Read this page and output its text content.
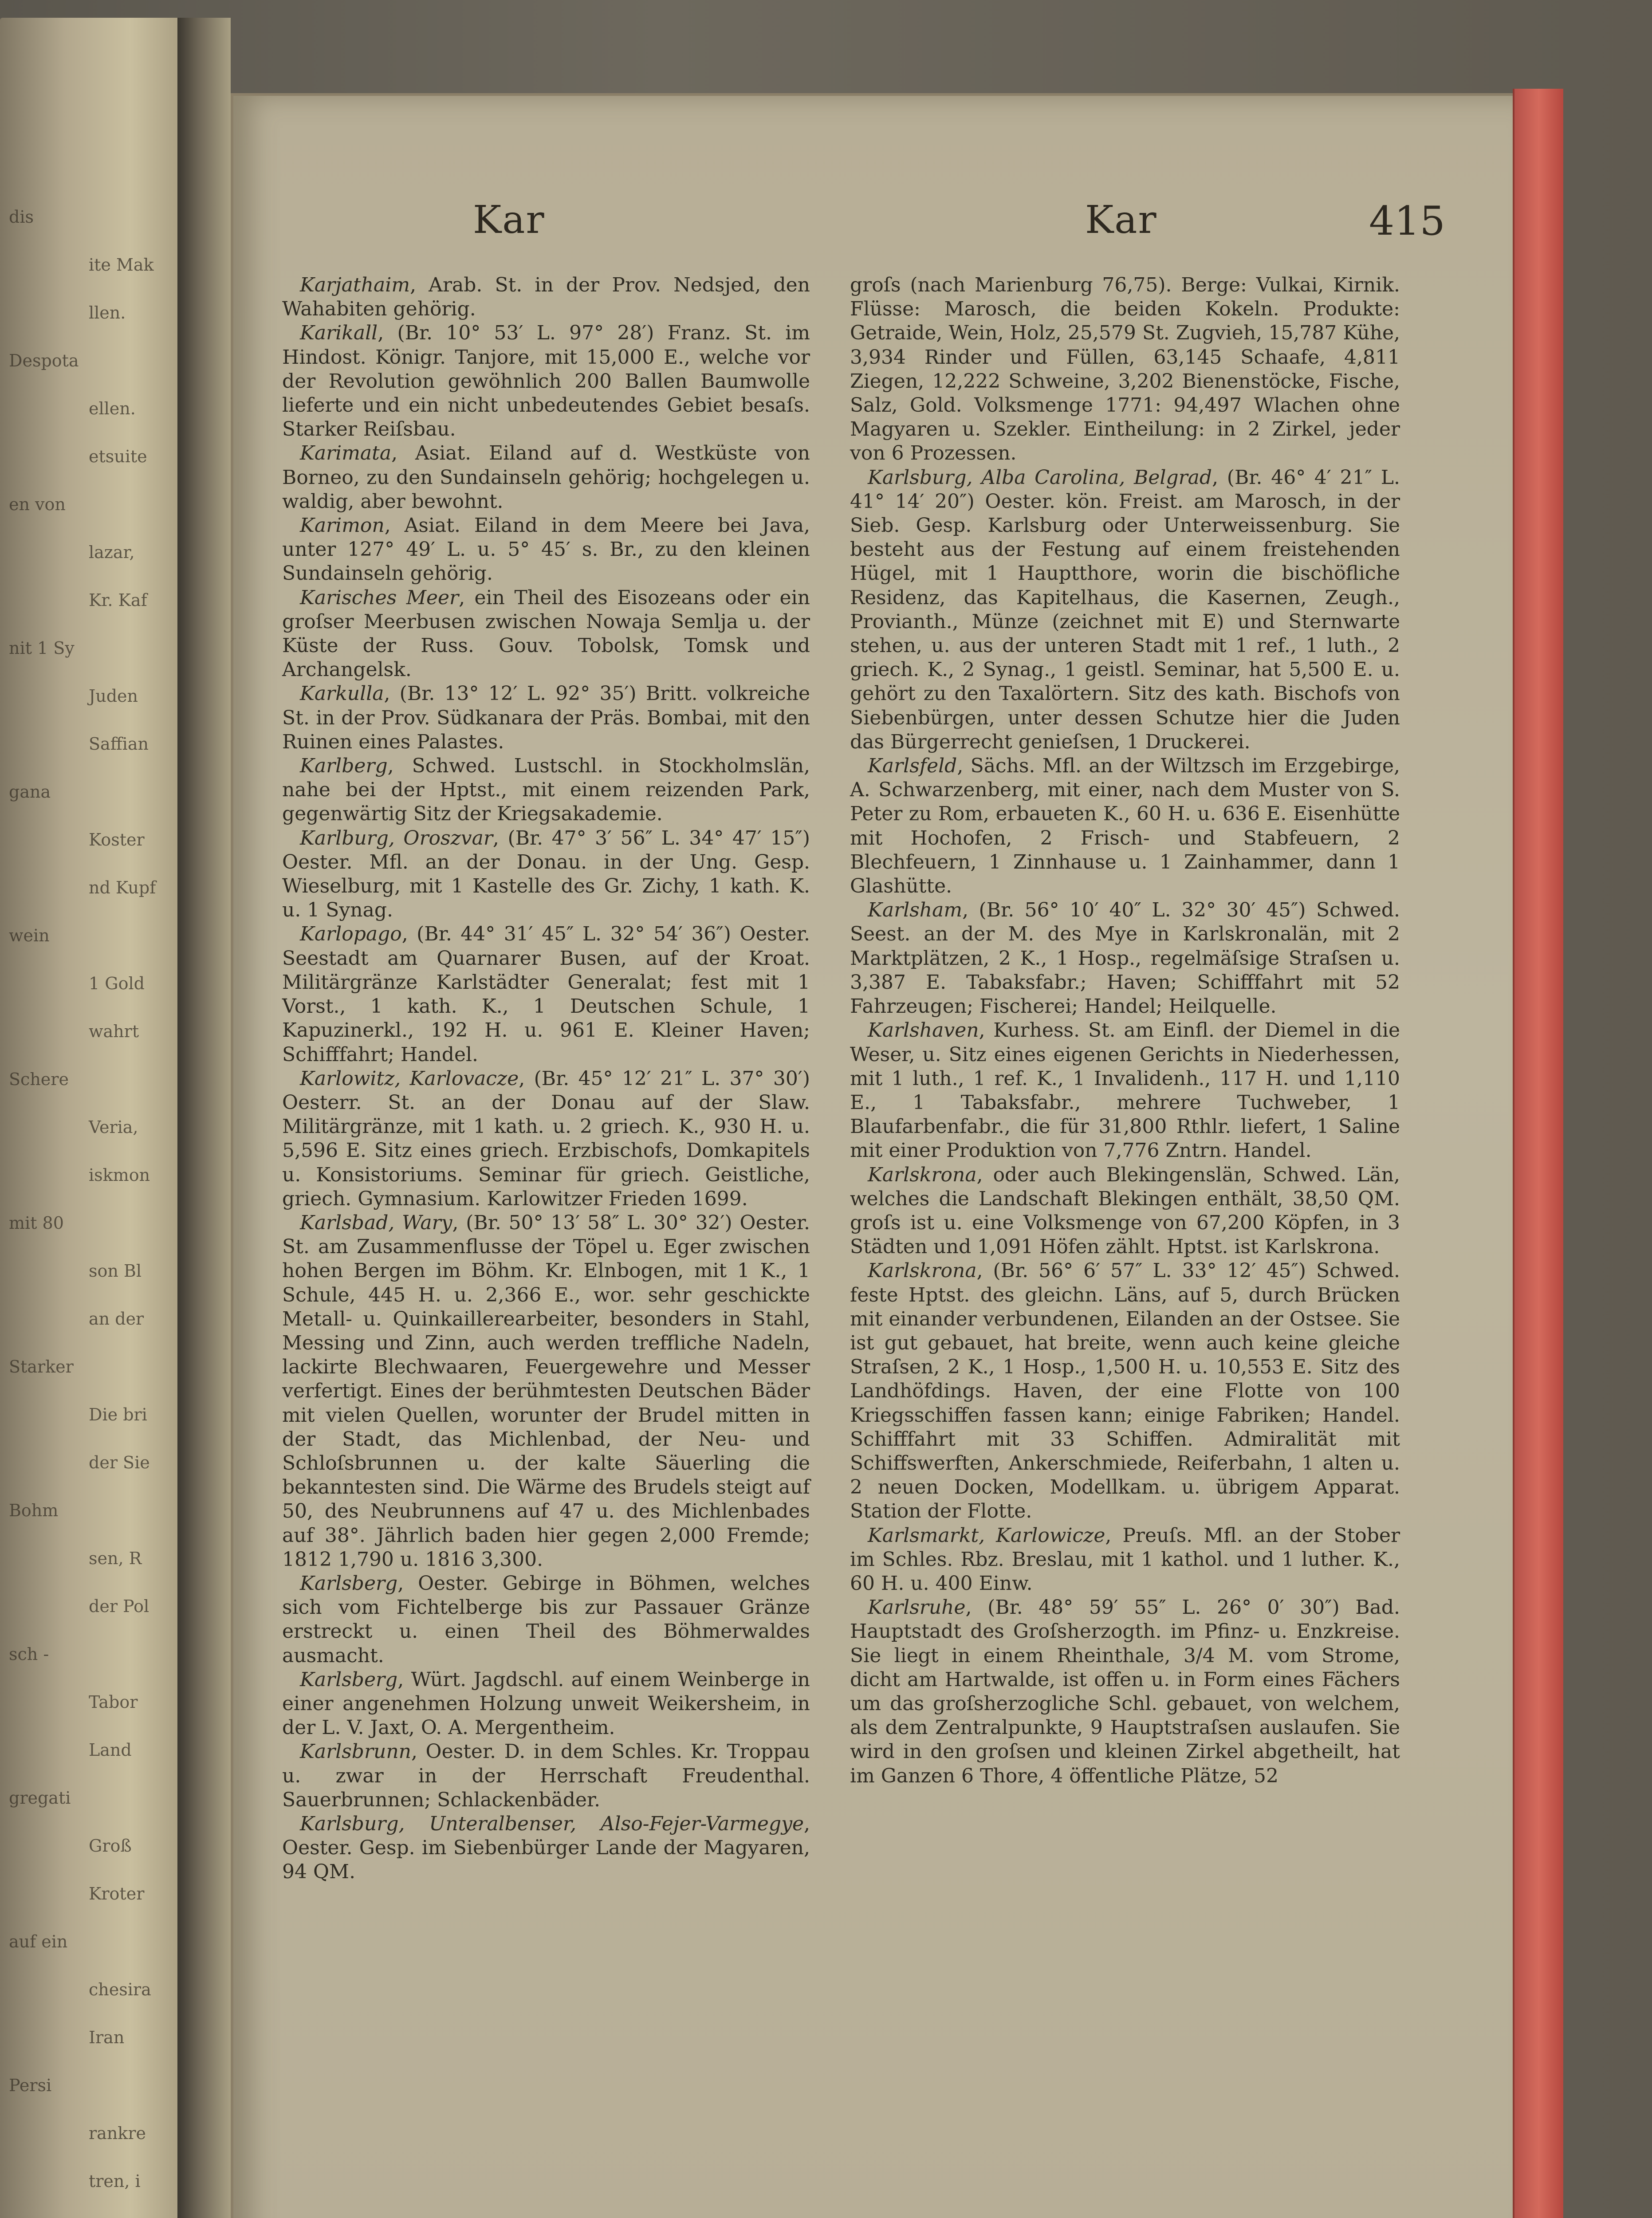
dis
ite Mak
llen.
Despota
ellen.
etsuite
en von
lazar,
Kr. Kaf
nit 1 Sy
Juden
Saffian
gana
Koster
nd Kupf
wein
1 Gold
wahrt
Schere
Veria,
iskmon
mit 80
son Bl
an der
Starker
Die bri
der Sie
Bohm
sen, R
der Pol
sch -
Tabor
Land
gregati
Groß
Kroter
auf ein
chesira
Iran
Persi
rankre
tren, i
Kar	Kar	415

Karjathaim, Arab. St. in der Prov. Nedsjed, den Wahabiten gehörig.

Karikall, (Br. 10° 53′ L. 97° 28′) Franz. St. im Hindost. Königr. Tanjore, mit 15,000 E., welche vor der Revolution gewöhnlich 200 Ballen Baumwolle lieferte und ein nicht unbedeutendes Gebiet besaſs. Starker Reiſsbau.

Karimata, Asiat. Eiland auf d. Westküste von Borneo, zu den Sundainseln gehörig; hochgelegen u. waldig, aber bewohnt.

Karimon, Asiat. Eiland in dem Meere bei Java, unter 127° 49′ L. u. 5° 45′ s. Br., zu den kleinen Sundainseln gehörig.

Karisches Meer, ein Theil des Eisozeans oder ein groſser Meerbusen zwischen Nowaja Semlja u. der Küste der Russ. Gouv. Tobolsk, Tomsk und Archangelsk.

Karkulla, (Br. 13° 12′ L. 92° 35′) Britt. volkreiche St. in der Prov. Südkanara der Präs. Bombai, mit den Ruinen eines Palastes.

Karlberg, Schwed. Lustschl. in Stockholmslän, nahe bei der Hptst., mit einem reizenden Park, gegenwärtig Sitz der Kriegsakademie.

Karlburg, Oroszvar, (Br. 47° 3′ 56″ L. 34° 47′ 15″) Oester. Mfl. an der Donau. in der Ung. Gesp. Wieselburg, mit 1 Kastelle des Gr. Zichy, 1 kath. K. u. 1 Synag.

Karlopago, (Br. 44° 31′ 45″ L. 32° 54′ 36″) Oester. Seestadt am Quarnarer Busen, auf der Kroat. Militärgränze Karlstädter Generalat; fest mit 1 Vorst., 1 kath. K., 1 Deutschen Schule, 1 Kapuzinerkl., 192 H. u. 961 E. Kleiner Haven; Schifffahrt; Handel.

Karlowitz, Karlovacze, (Br. 45° 12′ 21″ L. 37° 30′) Oesterr. St. an der Donau auf der Slaw. Militärgränze, mit 1 kath. u. 2 griech. K., 930 H. u. 5,596 E. Sitz eines griech. Erzbischofs, Domkapitels u. Konsistoriums. Seminar für griech. Geistliche, griech. Gymnasium. Karlowitzer Frieden 1699.

Karlsbad, Wary, (Br. 50° 13′ 58″ L. 30° 32′) Oester. St. am Zusammenflusse der Töpel u. Eger zwischen hohen Bergen im Böhm. Kr. Elnbogen, mit 1 K., 1 Schule, 445 H. u. 2,366 E., wor. sehr geschickte Metall- u. Quinkaillerearbeiter, besonders in Stahl, Messing und Zinn, auch werden treffliche Nadeln, lackirte Blechwaaren, Feuergewehre und Messer verfertigt. Eines der berühmtesten Deutschen Bäder mit vielen Quellen, worunter der Brudel mitten in der Stadt, das Michlenbad, der Neu- und Schloſsbrunnen u. der kalte Säuerling die bekanntesten sind. Die Wärme des Brudels steigt auf 50, des Neubrunnens auf 47 u. des Michlenbades auf 38°. Jährlich baden hier gegen 2,000 Fremde; 1812 1,790 u. 1816 3,300.

Karlsberg, Oester. Gebirge in Böhmen, welches sich vom Fichtelberge bis zur Passauer Gränze erstreckt u. einen Theil des Böhmerwaldes ausmacht.

Karlsberg, Würt. Jagdschl. auf einem Weinberge in einer angenehmen Holzung unweit Weikersheim, in der L. V. Jaxt, O. A. Mergentheim.

Karlsbrunn, Oester. D. in dem Schles. Kr. Troppau u. zwar in der Herrschaft Freudenthal. Sauerbrunnen; Schlackenbäder.

Karlsburg, Unteralbenser, Also-Fejer-Varmegye, Oester. Gesp. im Siebenbürger Lande der Magyaren, 94 QM.

groſs (nach Marienburg 76,75). Berge: Vulkai, Kirnik. Flüsse: Marosch, die beiden Kokeln. Produkte: Getraide, Wein, Holz, 25,579 St. Zugvieh, 15,787 Kühe, 3,934 Rinder und Füllen, 63,145 Schaafe, 4,811 Ziegen, 12,222 Schweine, 3,202 Bienenstöcke, Fische, Salz, Gold. Volksmenge 1771: 94,497 Wlachen ohne Magyaren u. Szekler. Eintheilung: in 2 Zirkel, jeder von 6 Prozessen.

Karlsburg, Alba Carolina, Belgrad, (Br. 46° 4′ 21″ L. 41° 14′ 20″) Oester. kön. Freist. am Marosch, in der Sieb. Gesp. Karlsburg oder Unterweissenburg. Sie besteht aus der Festung auf einem freistehenden Hügel, mit 1 Hauptthore, worin die bischöfliche Residenz, das Kapitelhaus, die Kasernen, Zeugh., Provianth., Münze (zeichnet mit E) und Sternwarte stehen, u. aus der unteren Stadt mit 1 ref., 1 luth., 2 griech. K., 2 Synag., 1 geistl. Seminar, hat 5,500 E. u. gehört zu den Taxalörtern. Sitz des kath. Bischofs von Siebenbürgen, unter dessen Schutze hier die Juden das Bürgerrecht genieſsen, 1 Druckerei.

Karlsfeld, Sächs. Mfl. an der Wiltzsch im Erzgebirge, A. Schwarzenberg, mit einer, nach dem Muster von S. Peter zu Rom, erbaueten K., 60 H. u. 636 E. Eisenhütte mit Hochofen, 2 Frisch- und Stabfeuern, 2 Blechfeuern, 1 Zinnhause u. 1 Zainhammer, dann 1 Glashütte.

Karlsham, (Br. 56° 10′ 40″ L. 32° 30′ 45″) Schwed. Seest. an der M. des Mye in Karlskronalän, mit 2 Marktplätzen, 2 K., 1 Hosp., regelmäſsige Straſsen u. 3,387 E. Tabaksfabr.; Haven; Schifffahrt mit 52 Fahrzeugen; Fischerei; Handel; Heilquelle.

Karlshaven, Kurhess. St. am Einfl. der Diemel in die Weser, u. Sitz eines eigenen Gerichts in Niederhessen, mit 1 luth., 1 ref. K., 1 Invalidenh., 117 H. und 1,110 E., 1 Tabaksfabr., mehrere Tuchweber, 1 Blaufarbenfabr., die für 31,800 Rthlr. liefert, 1 Saline mit einer Produktion von 7,776 Zntrn. Handel.

Karlskrona, oder auch Blekingenslän, Schwed. Län, welches die Landschaft Blekingen enthält, 38,50 QM. groſs ist u. eine Volksmenge von 67,200 Köpfen, in 3 Städten und 1,091 Höfen zählt. Hptst. ist Karlskrona.

Karlskrona, (Br. 56° 6′ 57″ L. 33° 12′ 45″) Schwed. feste Hptst. des gleichn. Läns, auf 5, durch Brücken mit einander verbundenen, Eilanden an der Ostsee. Sie ist gut gebauet, hat breite, wenn auch keine gleiche Straſsen, 2 K., 1 Hosp., 1,500 H. u. 10,553 E. Sitz des Landhöfdings. Haven, der eine Flotte von 100 Kriegsschiffen fassen kann; einige Fabriken; Handel. Schifffahrt mit 33 Schiffen. Admiralität mit Schiffswerften, Ankerschmiede, Reiferbahn, 1 alten u. 2 neuen Docken, Modellkam. u. übrigem Apparat. Station der Flotte.

Karlsmarkt, Karlowicze, Preuſs. Mfl. an der Stober im Schles. Rbz. Breslau, mit 1 kathol. und 1 luther. K., 60 H. u. 400 Einw.

Karlsruhe, (Br. 48° 59′ 55″ L. 26° 0′ 30″) Bad. Hauptstadt des Groſsherzogth. im Pfinz- u. Enzkreise. Sie liegt in einem Rheinthale, 3/4 M. vom Strome, dicht am Hartwalde, ist offen u. in Form eines Fächers um das groſsherzogliche Schl. gebauet, von welchem, als dem Zentralpunkte, 9 Hauptstraſsen auslaufen. Sie wird in den groſsen und kleinen Zirkel abgetheilt, hat im Ganzen 6 Thore, 4 öffentliche Plätze, 52
